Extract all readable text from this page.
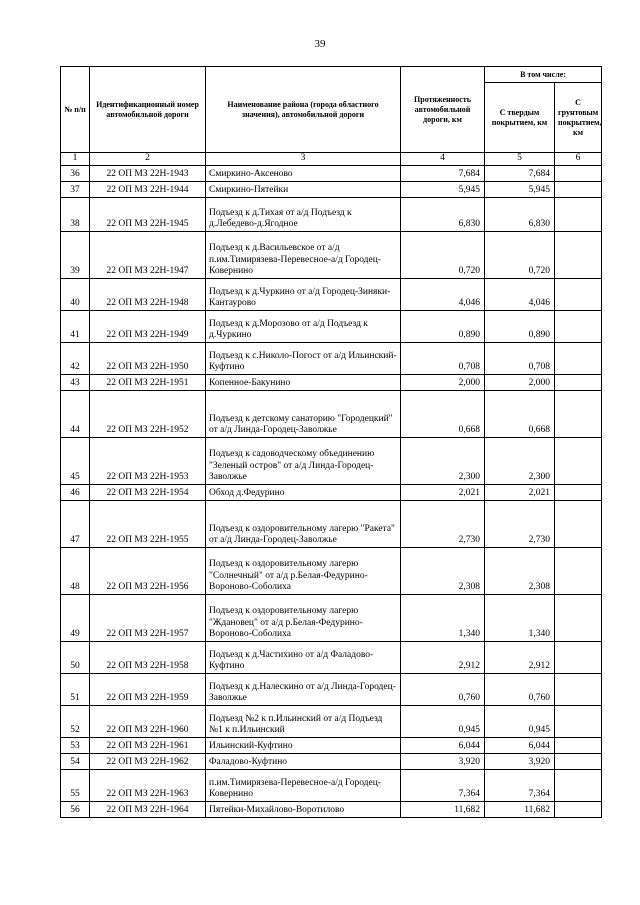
39
№ п/п	Идентификационный номер автомобильной дороги	Наименование района (города областного значения), автомобильной дороги	Протяженность автомобильной дороги, км	В том числе:	
				С твердым покрытием, км	С грунтовым покрытием, км
1	2	3	4	5	6
36	22 ОП МЗ 22Н-1943	Смиркино-Аксеново	7,684	7,684	
37	22 ОП МЗ 22Н-1944	Смиркино-Пятейки	5,945	5,945	
38	22 ОП МЗ 22Н-1945	Подъезд к д.Тихая от а/д Подъезд к д.Лебедево-д.Ягодное	6,830	6,830	
39	22 ОП МЗ 22Н-1947	Подъезд к д.Васильевское от а/д п.им.Тимирязева-Перевесное-а/д Городец-Ковернино	0,720	0,720	
40	22 ОП МЗ 22Н-1948	Подъезд к д.Чуркино от а/д Городец-Зиняки-Кантаурово	4,046	4,046	
41	22 ОП МЗ 22Н-1949	Подъезд к д.Морозово от а/д Подъезд к д.Чуркино	0,890	0,890	
42	22 ОП МЗ 22Н-1950	Подъезд к с.Николо-Погост от а/д Ильинский-Куфтино	0,708	0,708	
43	22 ОП МЗ 22Н-1951	Копенное-Бакунино	2,000	2,000	
44	22 ОП МЗ 22Н-1952	Подъезд к детскому санаторию "Городецкий" от а/д Линда-Городец-Заволжье	0,668	0,668	
45	22 ОП МЗ 22Н-1953	Подъезд к садоводческому объединению "Зеленый остров" от а/д Линда-Городец-Заволжье	2,300	2,300	
46	22 ОП МЗ 22Н-1954	Обход д.Федурино	2,021	2,021	
47	22 ОП МЗ 22Н-1955	Подъезд к оздоровительному лагерю "Ракета" от а/д Линда-Городец-Заволжье	2,730	2,730	
48	22 ОП МЗ 22Н-1956	Подъезд к оздоровительному лагерю "Солнечный" от а/д р.Белая-Федурино-Вороново-Соболиха	2,308	2,308	
49	22 ОП МЗ 22Н-1957	Подъезд к оздоровительному лагерю "Ждановец" от а/д р.Белая-Федурино-Вороново-Соболиха	1,340	1,340	
50	22 ОП МЗ 22Н-1958	Подъезд к д.Частихино от а/д Фаладово-Куфтино	2,912	2,912	
51	22 ОП МЗ 22Н-1959	Подъезд к д.Налескино от а/д Линда-Городец-Заволжье	0,760	0,760	
52	22 ОП МЗ 22Н-1960	Подъезд №2 к п.Ильинский от а/д Подъезд №1 к п.Ильинский	0,945	0,945	
53	22 ОП МЗ 22Н-1961	Ильинский-Куфтино	6,044	6,044	
54	22 ОП МЗ 22Н-1962	Фаладово-Куфтино	3,920	3,920	
55	22 ОП МЗ 22Н-1963	п.им.Тимирязева-Перевесное-а/д Городец-Ковернино	7,364	7,364	
56	22 ОП МЗ 22Н-1964	Пятейки-Михайлово-Воротилово	11,682	11,682	
